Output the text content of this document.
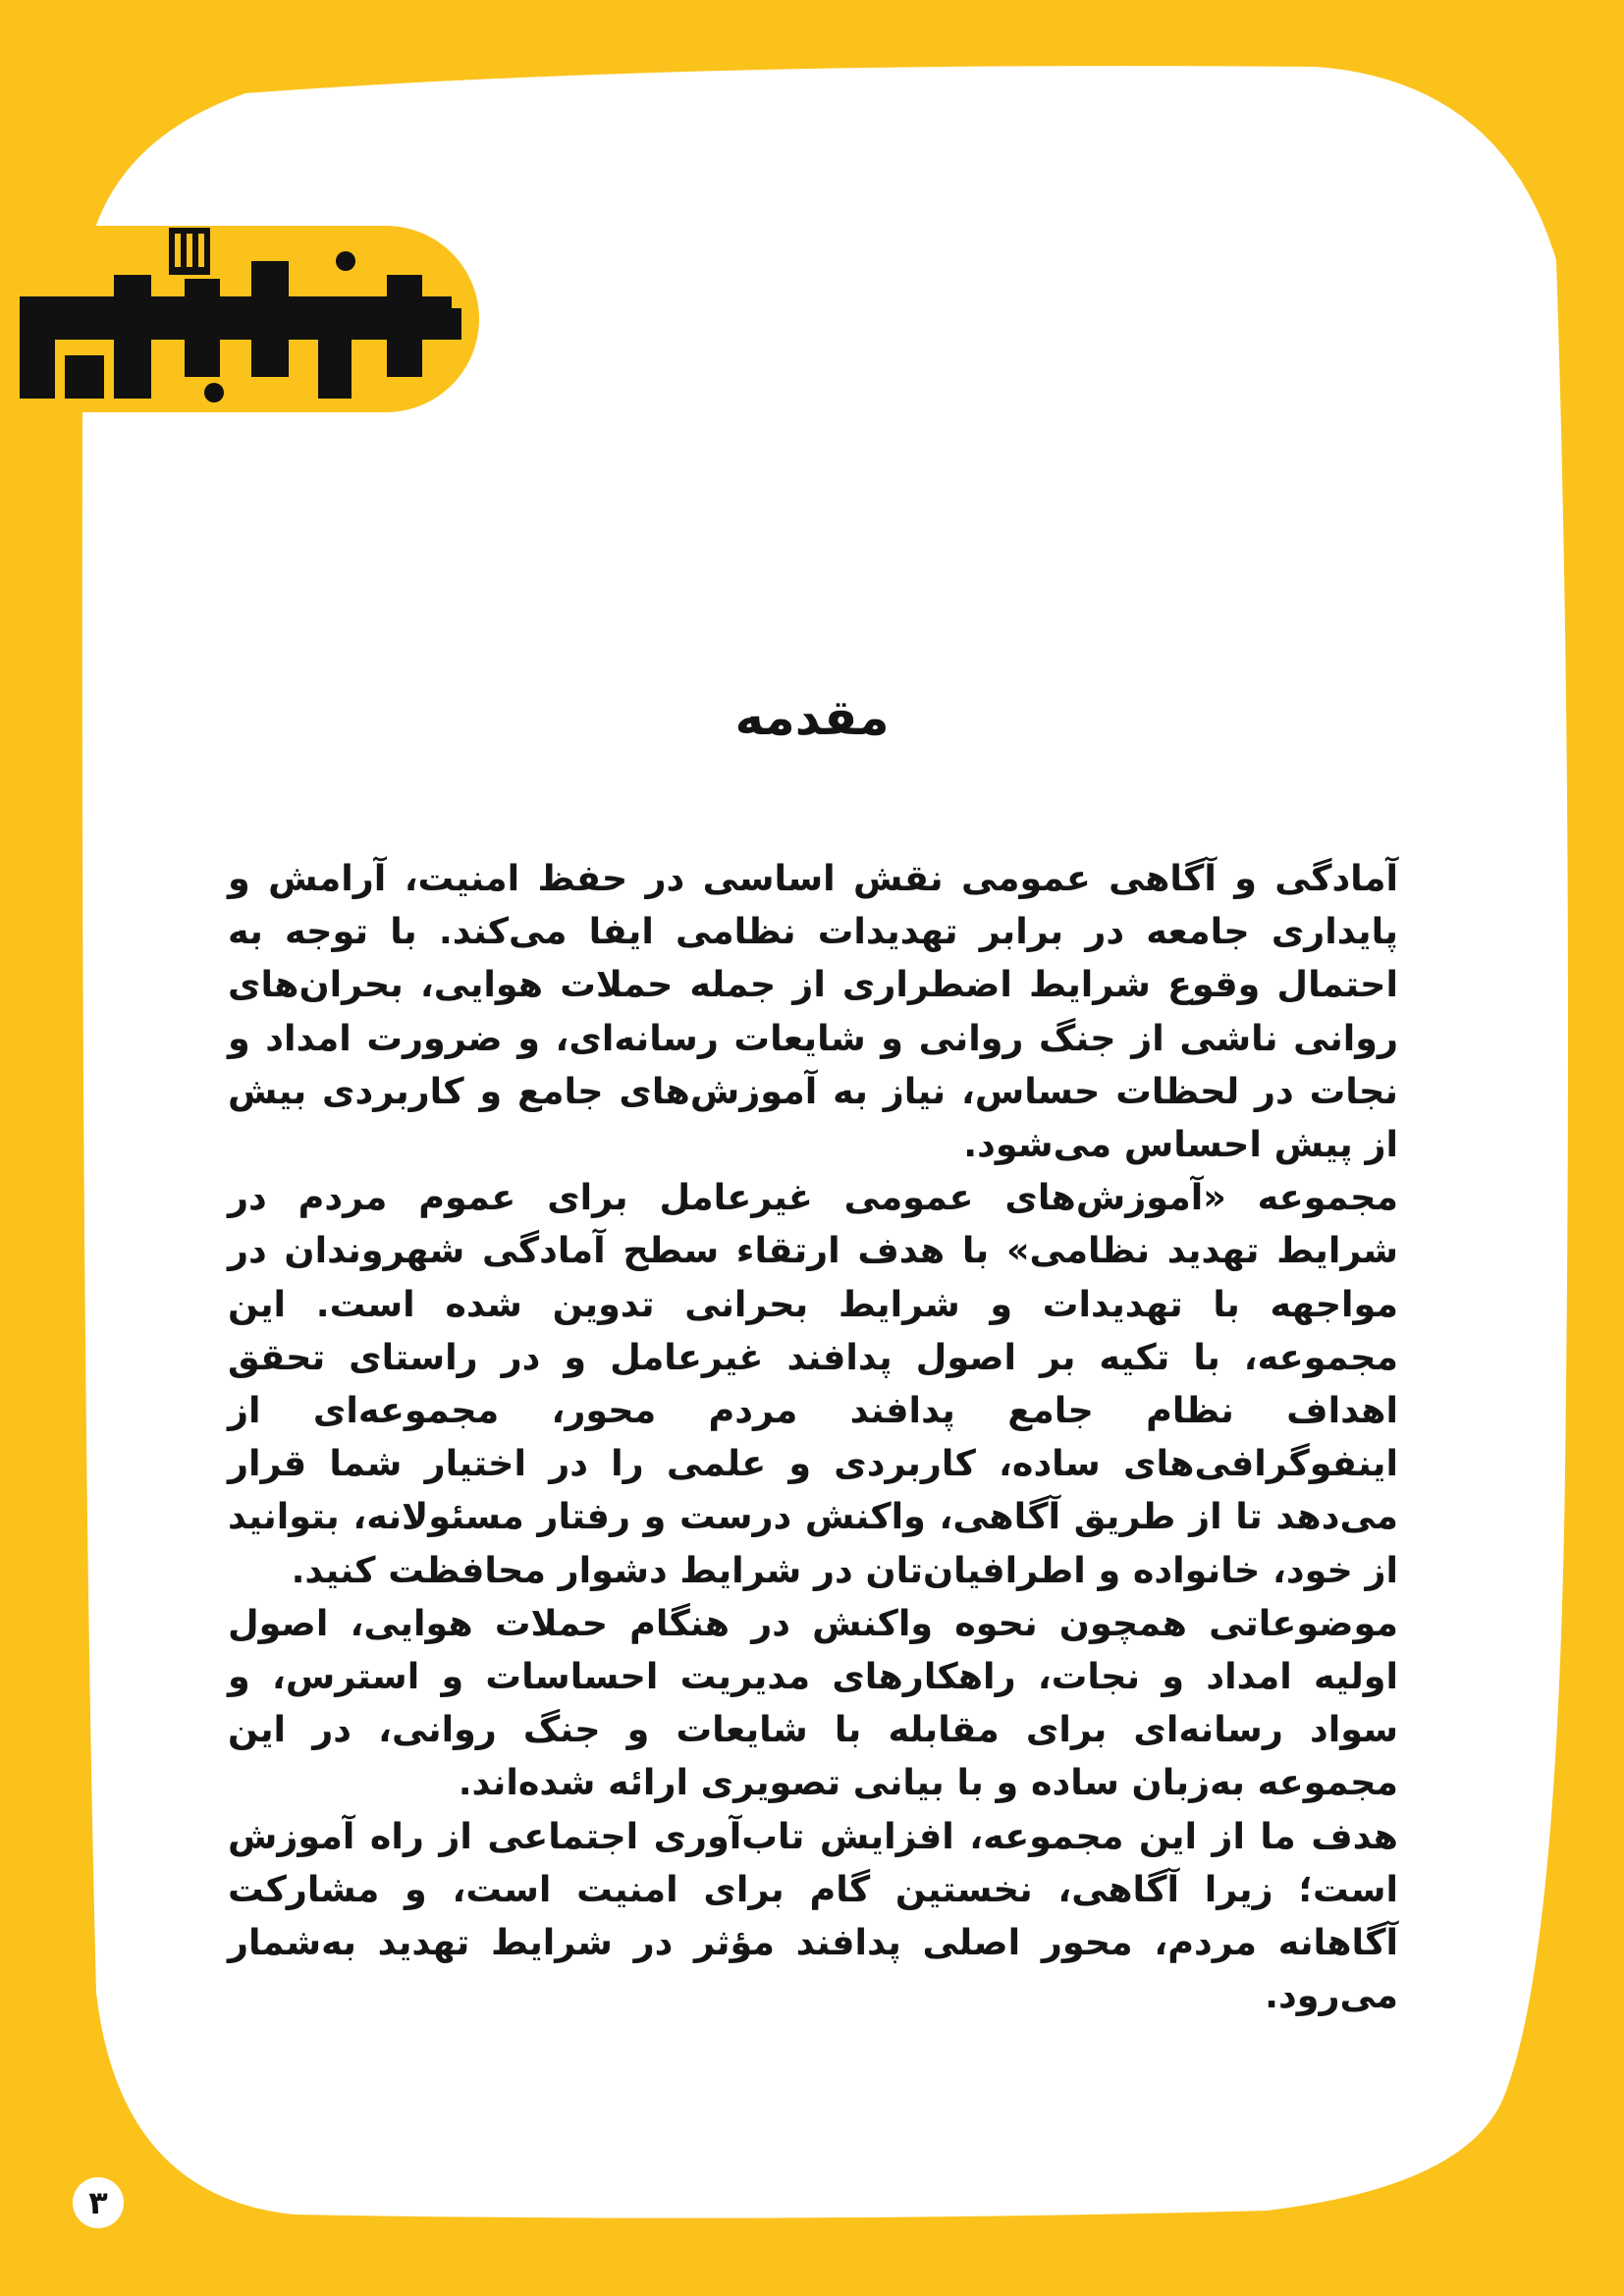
مقدمه

آمادگی و آگاهی عمومی نقش اساسی در حفظ امنیت، آرامش و پایداری جامعه در برابر تهدیدات نظامی ایفا می‌کند. با توجه به احتمال وقوع شرایط اضطراری از جمله حملات هوایی، بحران‌های روانی ناشی از جنگ روانی و شایعات رسانه‌ای، و ضرورت امداد و نجات در لحظات حساس، نیاز به آموزش‌های جامع و کاربردی بیش از پیش احساس می‌شود.

مجموعه «آموزش‌های عمومی غیرعامل برای عموم مردم در شرایط تهدید نظامی» با هدف ارتقاء سطح آمادگی شهروندان در مواجهه با تهدیدات و شرایط بحرانی تدوین شده است. این مجموعه، با تکیه بر اصول پدافند غیرعامل و در راستای تحقق اهداف نظام جامع پدافند مردم محور، مجموعه‌ای از اینفوگرافی‌های ساده، کاربردی و علمی را در اختیار شما قرار می‌دهد تا از طریق آگاهی، واکنش درست و رفتار مسئولانه، بتوانید از خود، خانواده و اطرافیان‌تان در شرایط دشوار محافظت کنید.

موضوعاتی همچون نحوه واکنش در هنگام حملات هوایی، اصول اولیه امداد و نجات، راهکارهای مدیریت احساسات و استرس، و سواد رسانه‌ای برای مقابله با شایعات و جنگ روانی، در این مجموعه به‌زبان ساده و با بیانی تصویری ارائه شده‌اند.

هدف ما از این مجموعه، افزایش تاب‌آوری اجتماعی از راه آموزش است؛ زیرا آگاهی، نخستین گام برای امنیت است، و مشارکت آگاهانه مردم، محور اصلی پدافند مؤثر در شرایط تهدید به‌شمار می‌رود.

۳
